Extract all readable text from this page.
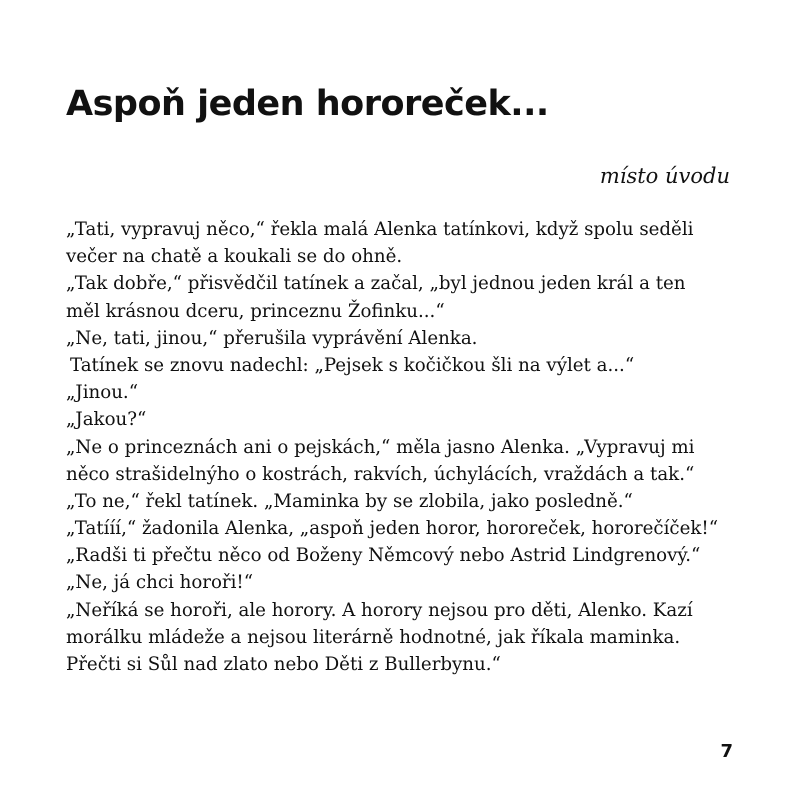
Aspoň jeden hororeček...

místo úvodu

„Tati, vypravuj něco,“ řekla malá Alenka tatínkovi, když spolu seděli
večer na chatě a koukali se do ohně.
„Tak dobře,“ přisvědčil tatínek a začal, „byl jednou jeden král a ten
měl krásnou dceru, princeznu Žofinku...“
„Ne, tati, jinou,“ přerušila vyprávění Alenka.
Tatínek se znovu nadechl: „Pejsek s kočičkou šli na výlet a...“
„Jinou.“
„Jakou?“
„Ne o princeznách ani o pejskách,“ měla jasno Alenka. „Vypravuj mi
něco strašidelnýho o kostrách, rakvích, úchylácích, vraždách a tak.“
„To ne,“ řekl tatínek. „Maminka by se zlobila, jako posledně.“
„Tatííí,“ žadonila Alenka, „aspoň jeden horor, hororeček, hororečíček!“
„Radši ti přečtu něco od Boženy Němcový nebo Astrid Lindgrenový.“
„Ne, já chci horoři!“
„Neříká se horoři, ale horory. A horory nejsou pro děti, Alenko. Kazí
morálku mládeže a nejsou literárně hodnotné, jak říkala maminka.
Přečti si Sůl nad zlato nebo Děti z Bullerbynu.“

7
